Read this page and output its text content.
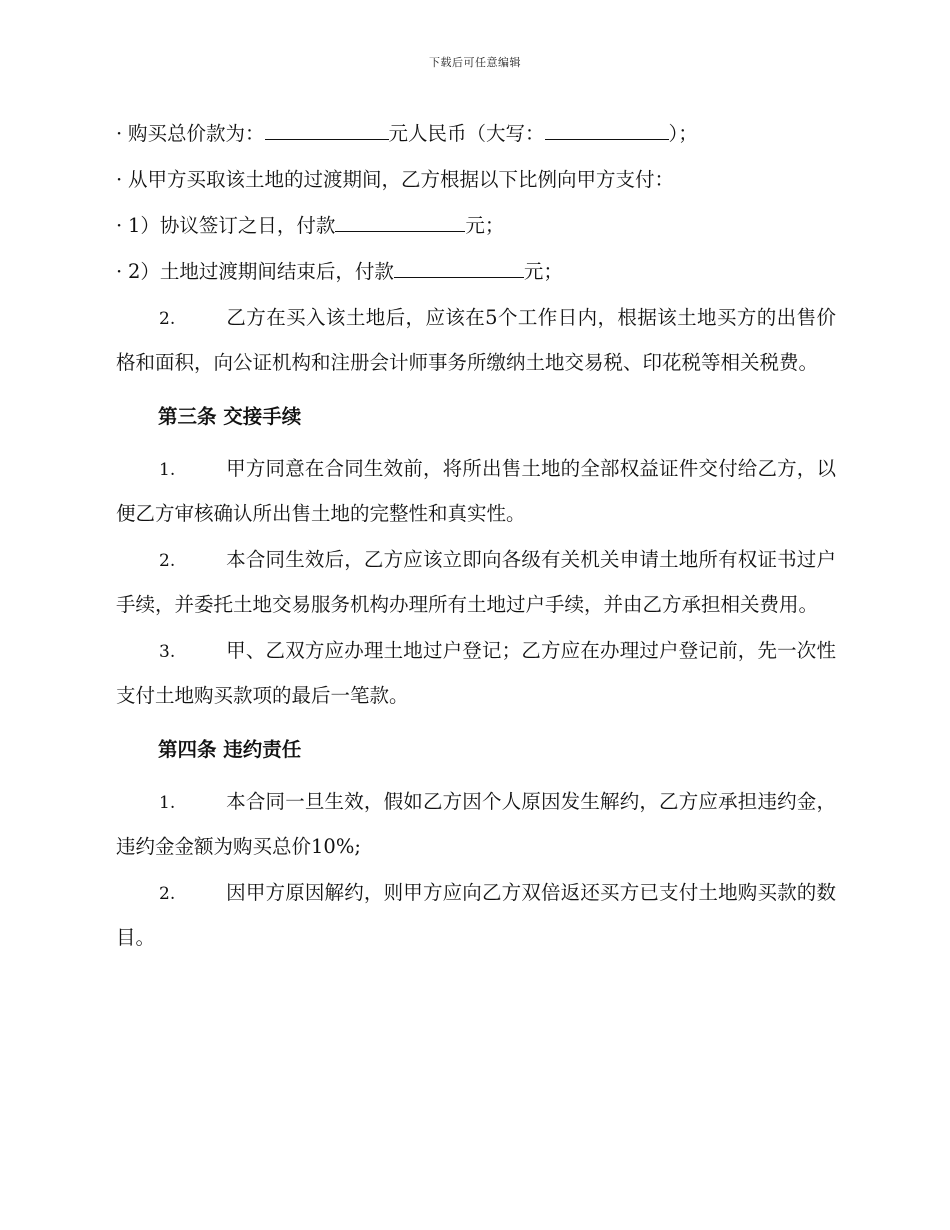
下载后可任意编辑
· 购买总价款为：	元人民币（大写：	）；
· 从甲方买取该土地的过渡期间，乙方根据以下比例向甲方支付：
· 1）协议签订之日，付款	元；
· 2）土地过渡期间结束后，付款	元；
2.	乙方在买入该土地后，应该在5个工作日内，根据该土地买方的出售价格和面积，向公证机构和注册会计师事务所缴纳土地交易税、印花税等相关税费。
第三条 交接手续
1.	甲方同意在合同生效前，将所出售土地的全部权益证件交付给乙方，以便乙方审核确认所出售土地的完整性和真实性。
2.	本合同生效后，乙方应该立即向各级有关机关申请土地所有权证书过户手续，并委托土地交易服务机构办理所有土地过户手续，并由乙方承担相关费用。
3.	甲、乙双方应办理土地过户登记；乙方应在办理过户登记前，先一次性支付土地购买款项的最后一笔款。
第四条 违约责任
1.	本合同一旦生效，假如乙方因个人原因发生解约，乙方应承担违约金，违约金金额为购买总价10%;
2.	因甲方原因解约，则甲方应向乙方双倍返还买方已支付土地购买款的数目。
